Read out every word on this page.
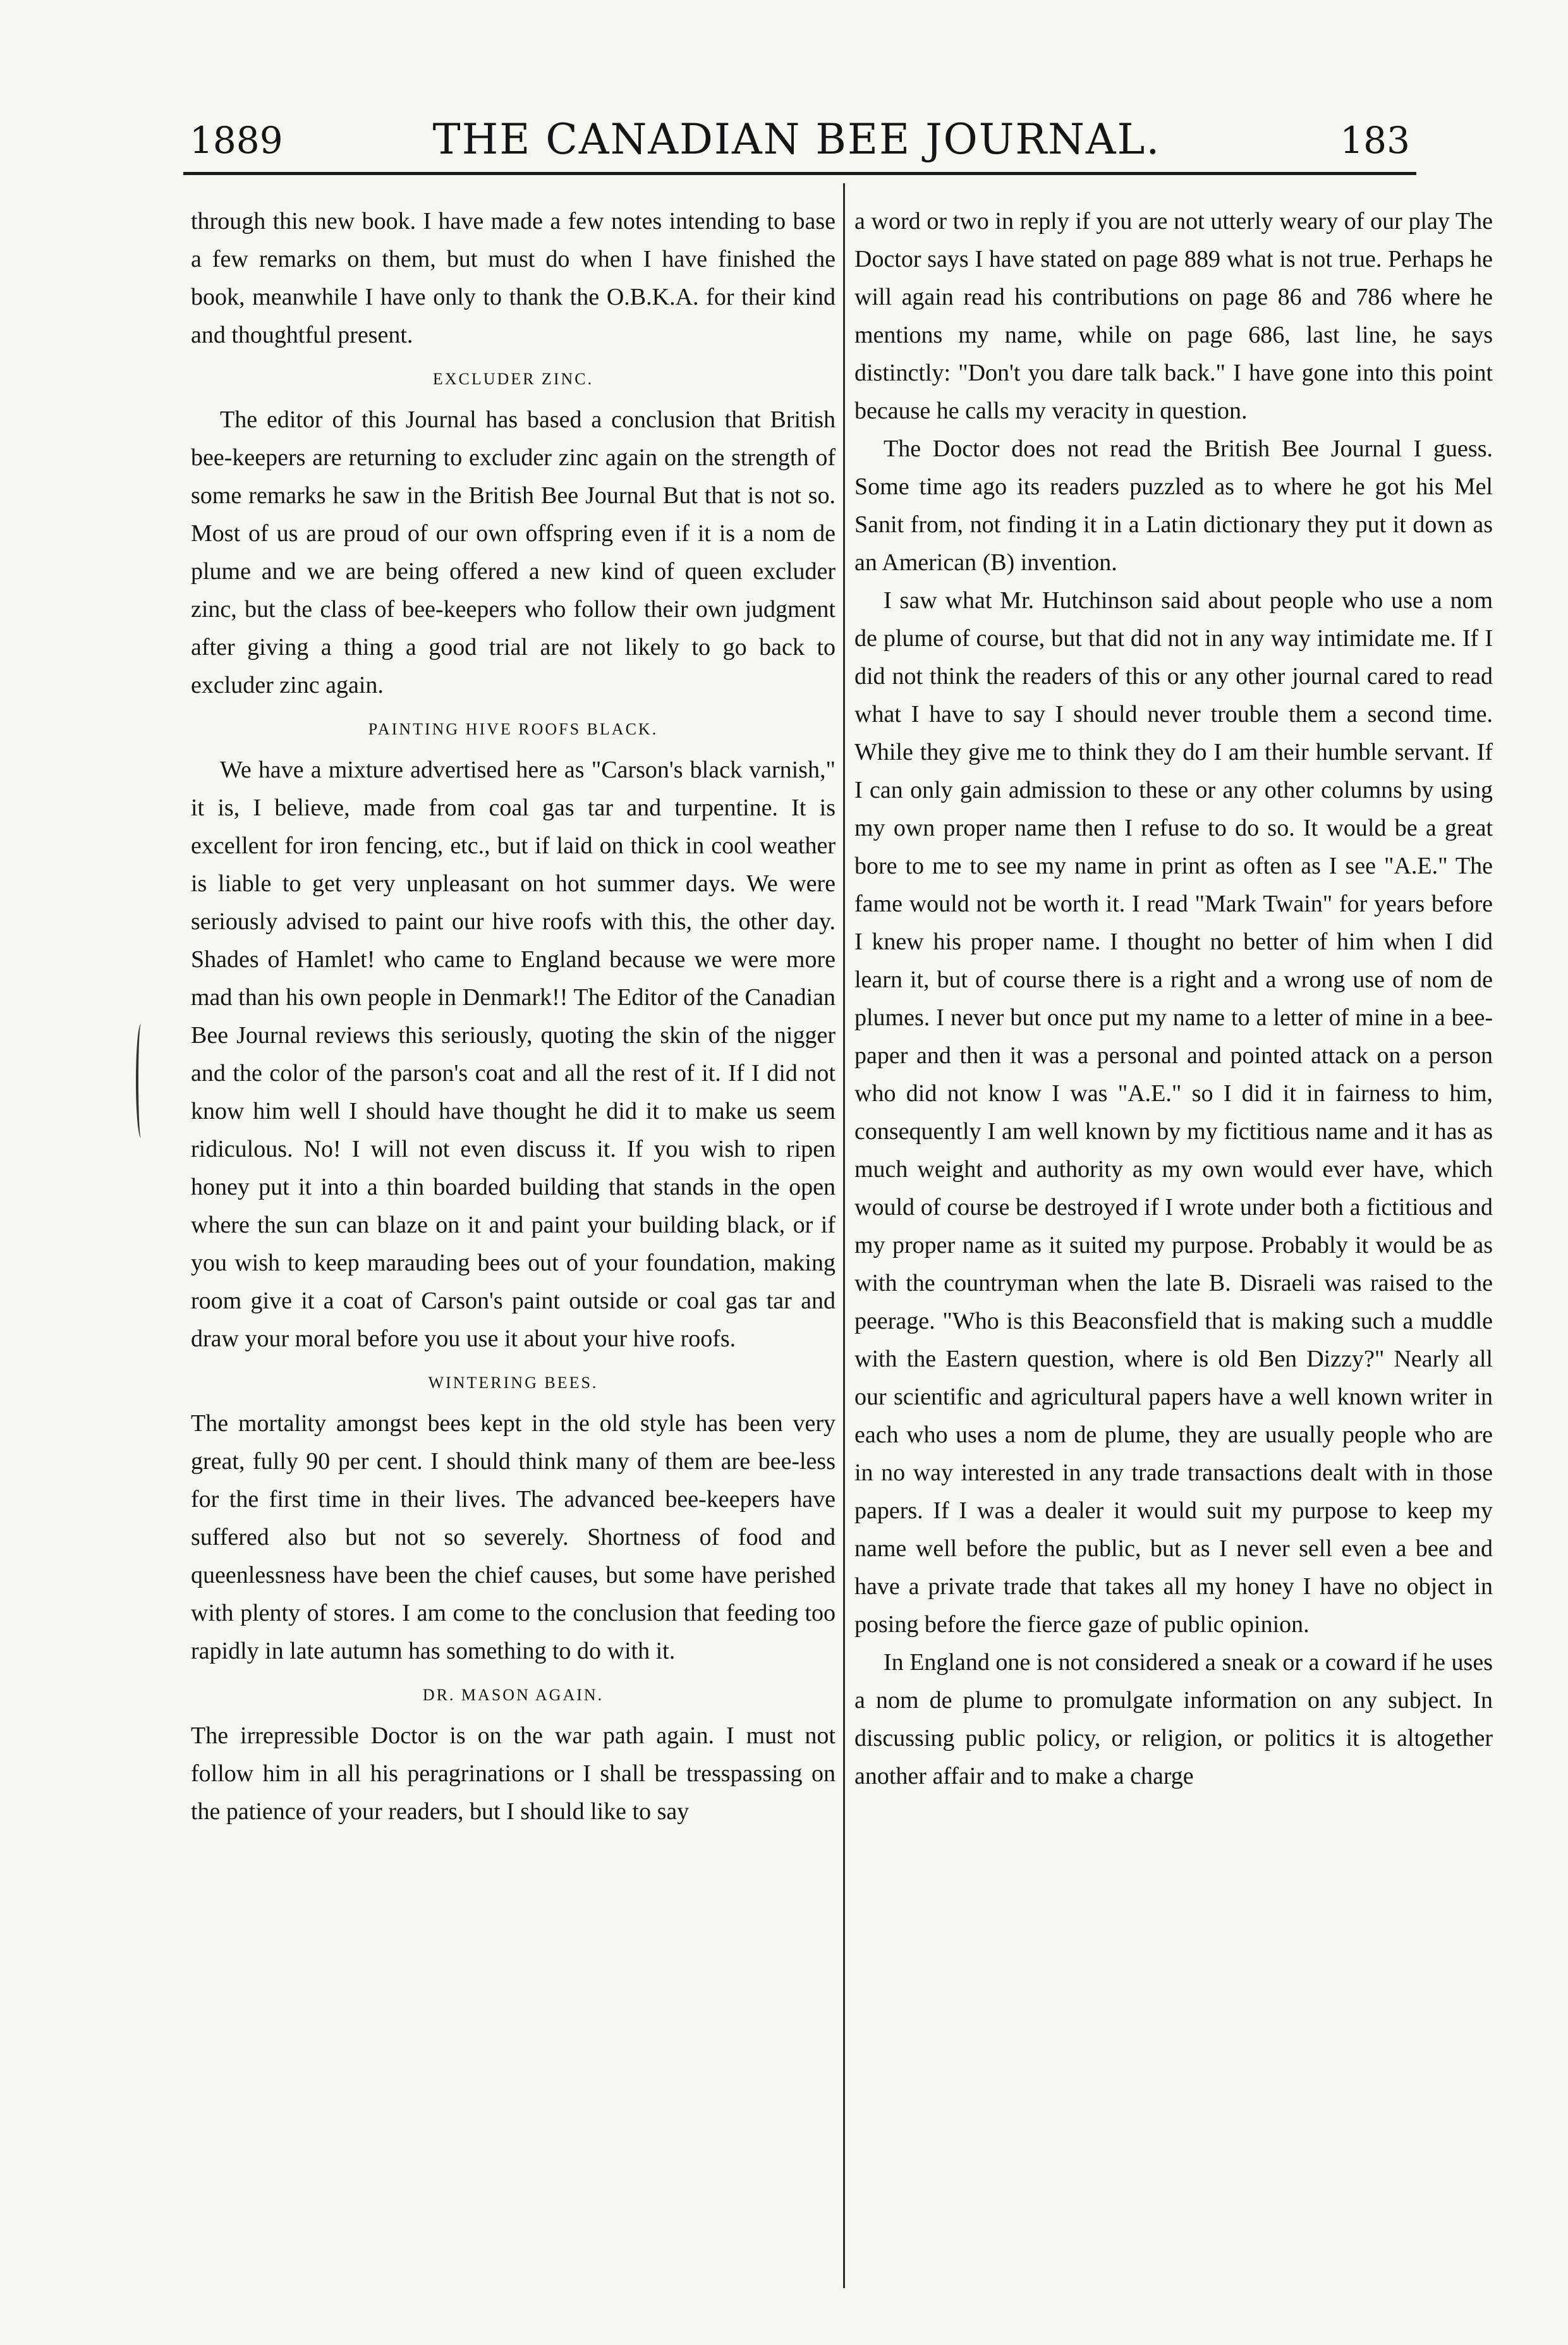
1889	THE CANADIAN BEE JOURNAL.	183

through this new book. I have made a few notes intending to base a few remarks on them, but must do when I have finished the book, meanwhile I have only to thank the O.B.K.A. for their kind and thoughtful present.

EXCLUDER ZINC.

The editor of this Journal has based a conclusion that British bee-keepers are returning to excluder zinc again on the strength of some remarks he saw in the British Bee Journal But that is not so. Most of us are proud of our own offspring even if it is a nom de plume and we are being offered a new kind of queen excluder zinc, but the class of bee-keepers who follow their own judgment after giving a thing a good trial are not likely to go back to excluder zinc again.

PAINTING HIVE ROOFS BLACK.

We have a mixture advertised here as "Carson's black varnish," it is, I believe, made from coal gas tar and turpentine. It is excellent for iron fencing, etc., but if laid on thick in cool weather is liable to get very unpleasant on hot summer days. We were seriously advised to paint our hive roofs with this, the other day. Shades of Hamlet! who came to England because we were more mad than his own people in Denmark!! The Editor of the Canadian Bee Journal reviews this seriously, quoting the skin of the nigger and the color of the parson's coat and all the rest of it. If I did not know him well I should have thought he did it to make us seem ridiculous. No! I will not even discuss it. If you wish to ripen honey put it into a thin boarded building that stands in the open where the sun can blaze on it and paint your building black, or if you wish to keep marauding bees out of your foundation, making room give it a coat of Carson's paint outside or coal gas tar and draw your moral before you use it about your hive roofs.

WINTERING BEES.

The mortality amongst bees kept in the old style has been very great, fully 90 per cent. I should think many of them are bee-less for the first time in their lives. The advanced bee-keepers have suffered also but not so severely. Shortness of food and queenlessness have been the chief causes, but some have perished with plenty of stores. I am come to the conclusion that feeding too rapidly in late autumn has something to do with it.

DR. MASON AGAIN.

The irrepressible Doctor is on the war path again. I must not follow him in all his peragrinations or I shall be tresspassing on the patience of your readers, but I should like to say

a word or two in reply if you are not utterly weary of our play The Doctor says I have stated on page 889 what is not true. Perhaps he will again read his contributions on page 86 and 786 where he mentions my name, while on page 686, last line, he says distinctly: "Don't you dare talk back." I have gone into this point because he calls my veracity in question.

The Doctor does not read the British Bee Journal I guess. Some time ago its readers puzzled as to where he got his Mel Sanit from, not finding it in a Latin dictionary they put it down as an American (B) invention.

I saw what Mr. Hutchinson said about people who use a nom de plume of course, but that did not in any way intimidate me. If I did not think the readers of this or any other journal cared to read what I have to say I should never trouble them a second time. While they give me to think they do I am their humble servant. If I can only gain admission to these or any other columns by using my own proper name then I refuse to do so. It would be a great bore to me to see my name in print as often as I see "A.E." The fame would not be worth it. I read "Mark Twain" for years before I knew his proper name. I thought no better of him when I did learn it, but of course there is a right and a wrong use of nom de plumes. I never but once put my name to a letter of mine in a bee-paper and then it was a personal and pointed attack on a person who did not know I was "A.E." so I did it in fairness to him, consequently I am well known by my fictitious name and it has as much weight and authority as my own would ever have, which would of course be destroyed if I wrote under both a fictitious and my proper name as it suited my purpose. Probably it would be as with the countryman when the late B. Disraeli was raised to the peerage. "Who is this Beaconsfield that is making such a muddle with the Eastern question, where is old Ben Dizzy?" Nearly all our scientific and agricultural papers have a well known writer in each who uses a nom de plume, they are usually people who are in no way interested in any trade transactions dealt with in those papers. If I was a dealer it would suit my purpose to keep my name well before the public, but as I never sell even a bee and have a private trade that takes all my honey I have no object in posing before the fierce gaze of public opinion.

In England one is not considered a sneak or a coward if he uses a nom de plume to promulgate information on any subject. In discussing public policy, or religion, or politics it is altogether another affair and to make a charge
